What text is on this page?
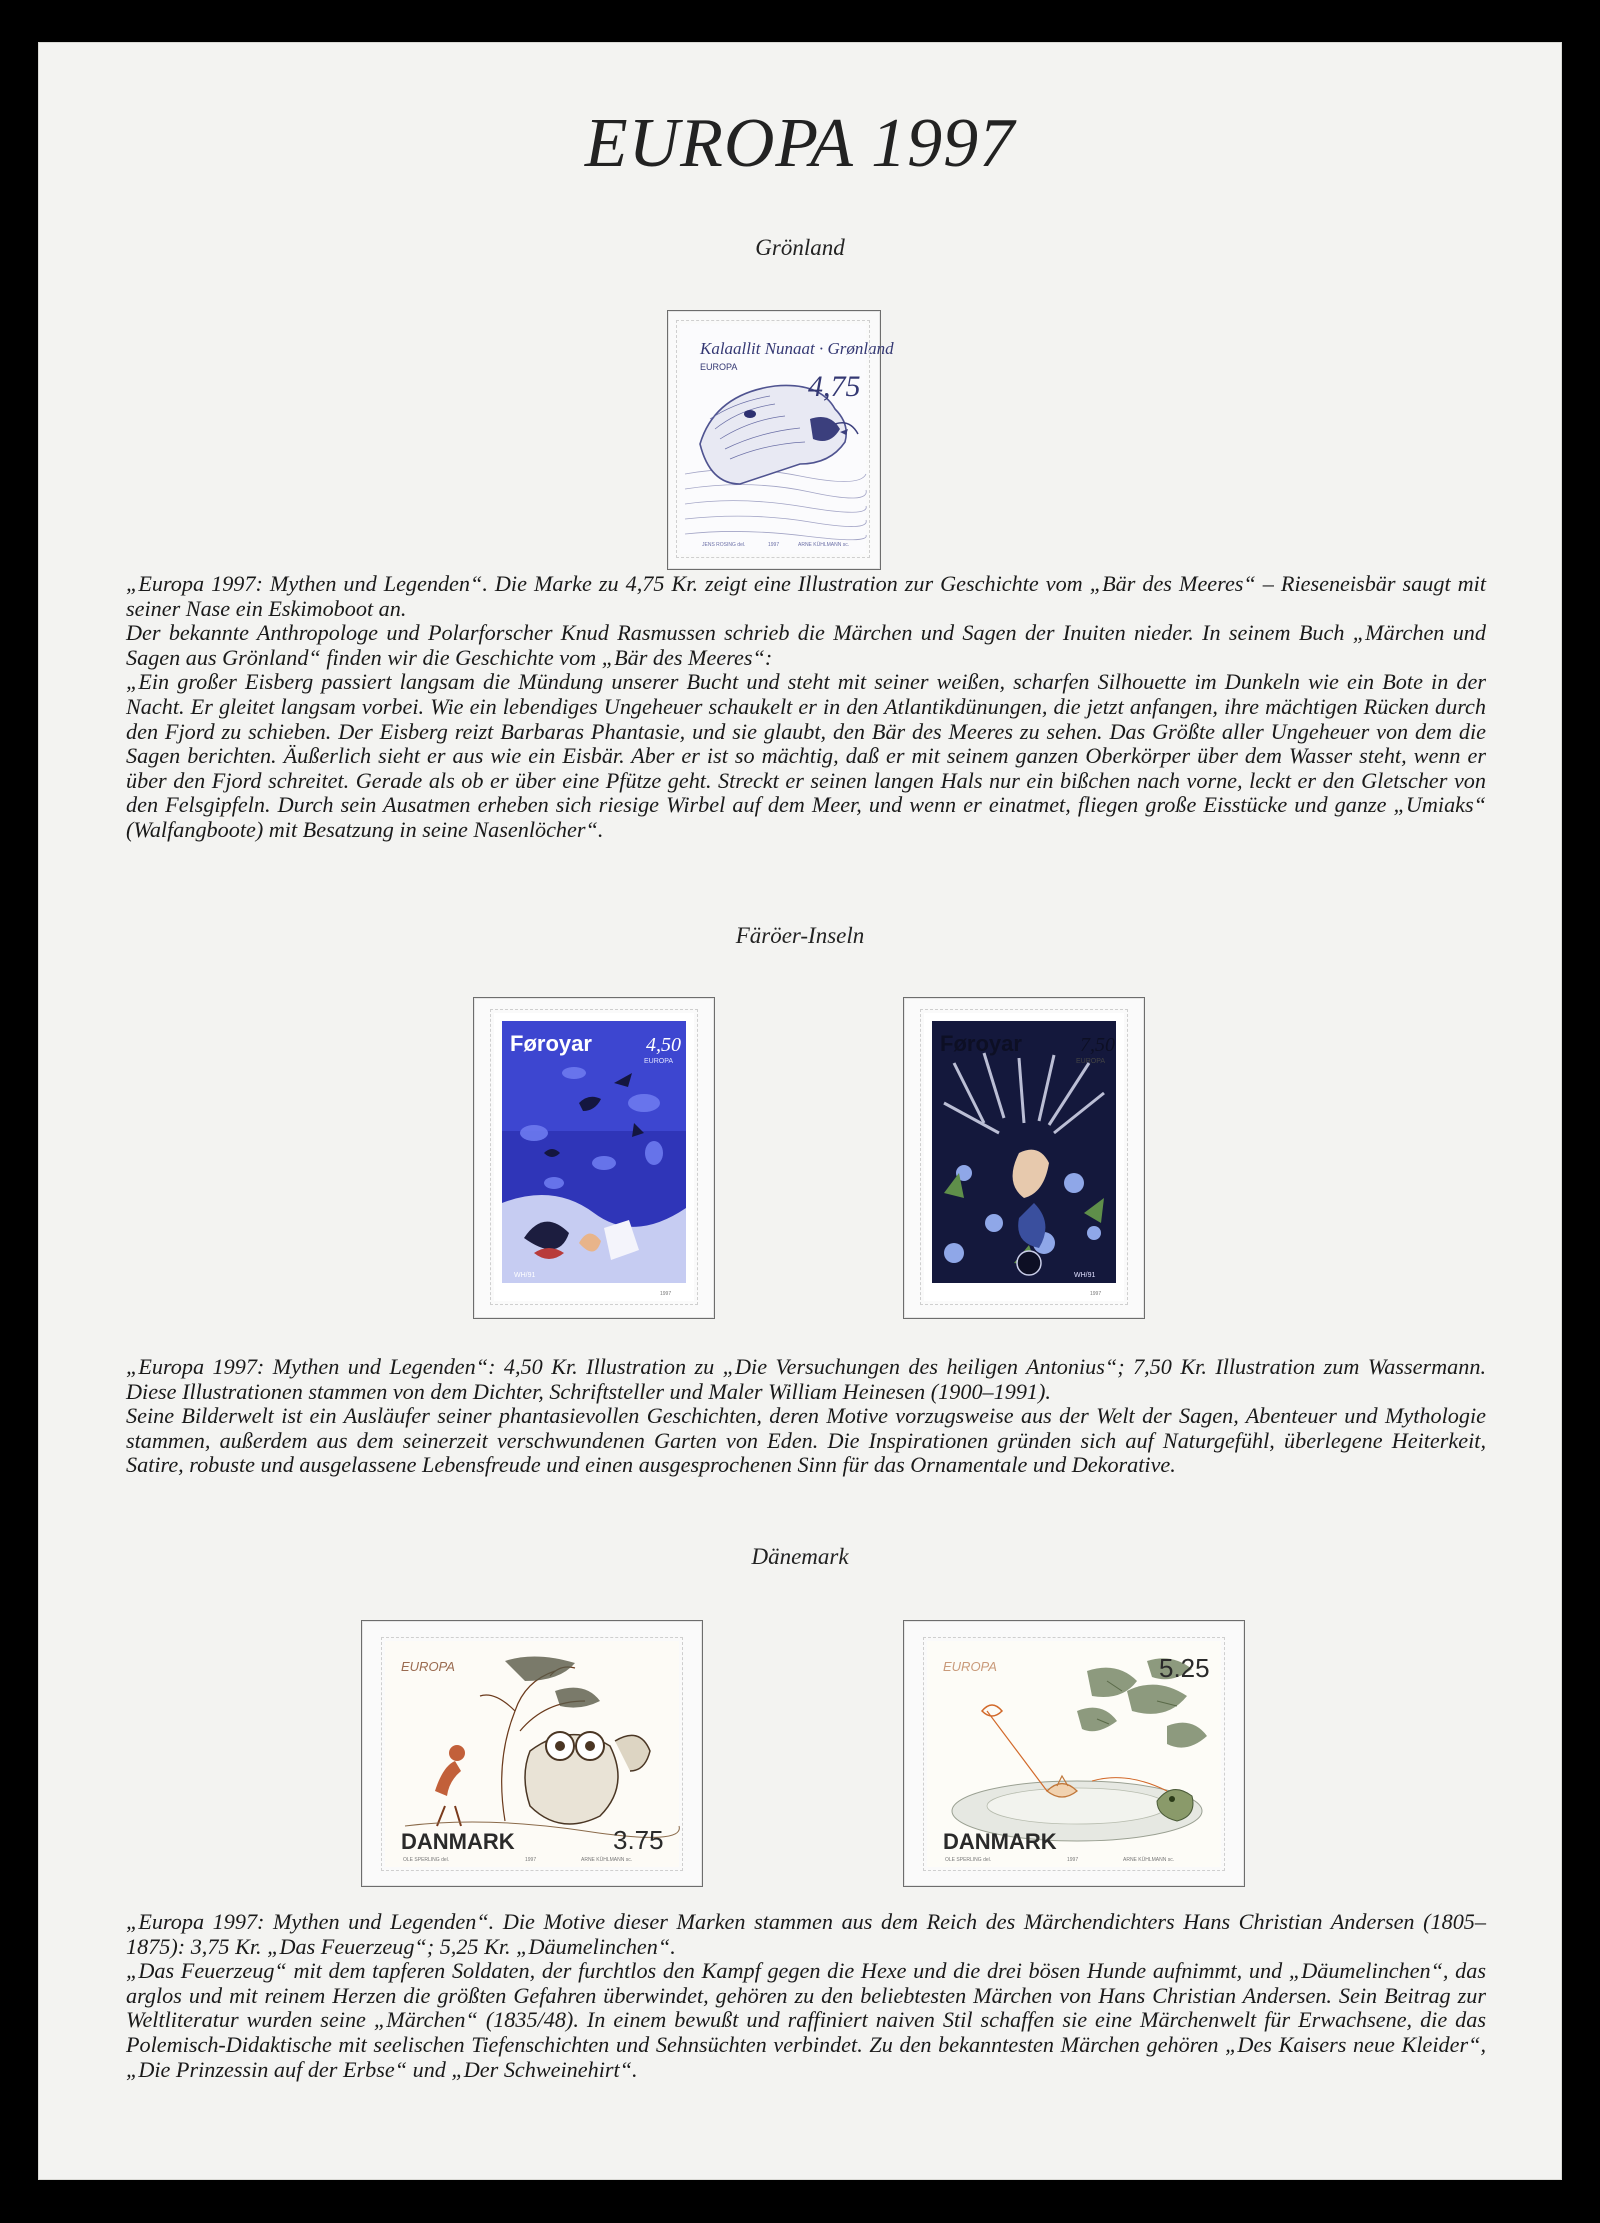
EUROPA 1997
Grönland
Kalaallit Nunaat · Grønland
EUROPA
4,75
JENS ROSING del.	1997	ARNE KÜHLMANN sc.

„Europa 1997: Mythen und Legenden“. Die Marke zu 4,75 Kr. zeigt eine Illustration zur Geschichte vom „Bär des Meeres“ – Rieseneisbär saugt mit seiner Nase ein Eskimoboot an.

Der bekannte Anthropologe und Polarforscher Knud Rasmussen schrieb die Märchen und Sagen der Inuiten nieder. In seinem Buch „Märchen und Sagen aus Grönland“ finden wir die Geschichte vom „Bär des Meeres“:

„Ein großer Eisberg passiert langsam die Mündung unserer Bucht und steht mit seiner weißen, scharfen Silhouette im Dunkeln wie ein Bote in der Nacht. Er gleitet langsam vorbei. Wie ein lebendiges Ungeheuer schaukelt er in den Atlantikdünungen, die jetzt anfangen, ihre mächtigen Rücken durch den Fjord zu schieben. Der Eisberg reizt Barbaras Phantasie, und sie glaubt, den Bär des Meeres zu sehen. Das Größte aller Ungeheuer von dem die Sagen berichten. Äußerlich sieht er aus wie ein Eisbär. Aber er ist so mächtig, daß er mit seinem ganzen Oberkörper über dem Wasser steht, wenn er über den Fjord schreitet. Gerade als ob er über eine Pfütze geht. Streckt er seinen langen Hals nur ein bißchen nach vorne, leckt er den Gletscher von den Felsgipfeln. Durch sein Ausatmen erheben sich riesige Wirbel auf dem Meer, und wenn er einatmet, fliegen große Eisstücke und ganze „Umiaks“ (Walfangboote) mit Besatzung in seine Nasenlöcher“.

Färöer-Inseln
Føroyar	4,50
EUROPA
WH/91
1997
Føroyar	7,50
EUROPA
WH/91
1997

„Europa 1997: Mythen und Legenden“: 4,50 Kr. Illustration zu „Die Versuchungen des heiligen Antonius“; 7,50 Kr. Illustration zum Wassermann. Diese Illustrationen stammen von dem Dichter, Schriftsteller und Maler William Heinesen (1900–1991).

Seine Bilderwelt ist ein Ausläufer seiner phantasievollen Geschichten, deren Motive vorzugsweise aus der Welt der Sagen, Abenteuer und Mythologie stammen, außerdem aus dem seinerzeit verschwundenen Garten von Eden. Die Inspirationen gründen sich auf Naturgefühl, überlegene Heiterkeit, Satire, robuste und ausgelassene Lebensfreude und einen ausgesprochenen Sinn für das Ornamentale und Dekorative.

Dänemark
EUROPA
DANMARK	3.75
OLE SPERLING del.	1997	ARNE KÜHLMANN sc.
EUROPA	5.25
DANMARK
OLE SPERLING del.	1997	ARNE KÜHLMANN sc.

„Europa 1997: Mythen und Legenden“. Die Motive dieser Marken stammen aus dem Reich des Märchendichters Hans Christian Andersen (1805–1875): 3,75 Kr. „Das Feuerzeug“; 5,25 Kr. „Däumelinchen“.

„Das Feuerzeug“ mit dem tapferen Soldaten, der furchtlos den Kampf gegen die Hexe und die drei bösen Hunde aufnimmt, und „Däumelinchen“, das arglos und mit reinem Herzen die größten Gefahren überwindet, gehören zu den beliebtesten Märchen von Hans Christian Andersen. Sein Beitrag zur Weltliteratur wurden seine „Märchen“ (1835/48). In einem bewußt und raffiniert naiven Stil schaffen sie eine Märchenwelt für Erwachsene, die das Polemisch-Didaktische mit seelischen Tiefenschichten und Sehnsüchten verbindet. Zu den bekanntesten Märchen gehören „Des Kaisers neue Kleider“, „Die Prinzessin auf der Erbse“ und „Der Schweinehirt“.
